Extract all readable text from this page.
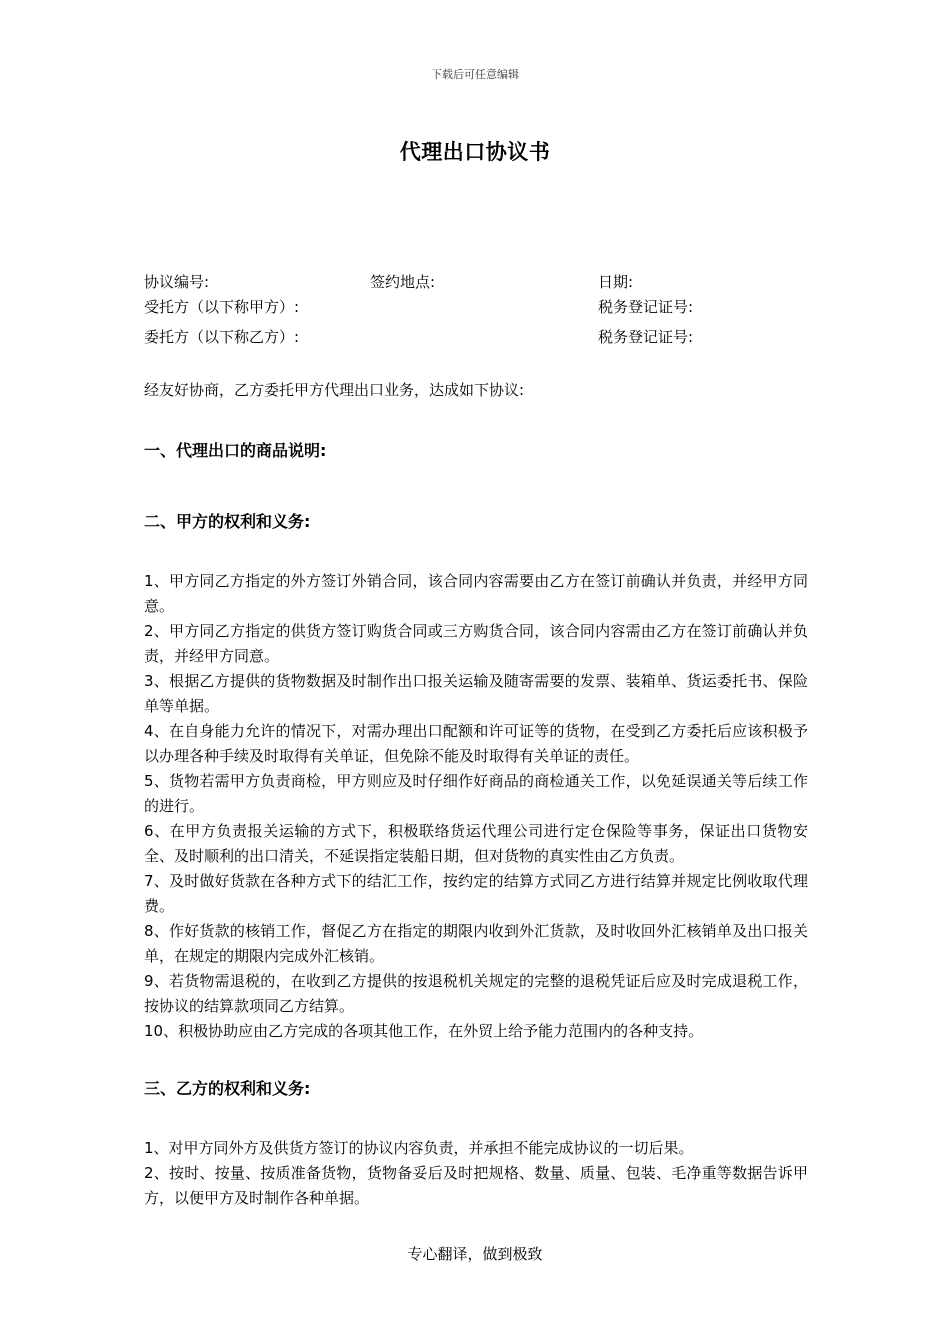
下载后可任意编辑
代理出口协议书
协议编号:	签约地点:	日期:
受托方（以下称甲方）:	税务登记证号:
委托方（以下称乙方）:	税务登记证号:
经友好协商，乙方委托甲方代理出口业务，达成如下协议:
一、代理出口的商品说明:
二、甲方的权利和义务:
1、甲方同乙方指定的外方签订外销合同，该合同内容需要由乙方在签订前确认并负责，并经甲方同意。
2、甲方同乙方指定的供货方签订购货合同或三方购货合同，该合同内容需由乙方在签订前确认并负责，并经甲方同意。
3、根据乙方提供的货物数据及时制作出口报关运输及随寄需要的发票、装箱单、货运委托书、保险单等单据。
4、在自身能力允许的情况下，对需办理出口配额和许可证等的货物，在受到乙方委托后应该积极予以办理各种手续及时取得有关单证，但免除不能及时取得有关单证的责任。
5、货物若需甲方负责商检，甲方则应及时仔细作好商品的商检通关工作，以免延误通关等后续工作的进行。
6、在甲方负责报关运输的方式下，积极联络货运代理公司进行定仓保险等事务，保证出口货物安全、及时顺利的出口清关，不延误指定装船日期，但对货物的真实性由乙方负责。
7、及时做好货款在各种方式下的结汇工作，按约定的结算方式同乙方进行结算并规定比例收取代理费。
8、作好货款的核销工作，督促乙方在指定的期限内收到外汇货款，及时收回外汇核销单及出口报关单，在规定的期限内完成外汇核销。
9、若货物需退税的，在收到乙方提供的按退税机关规定的完整的退税凭证后应及时完成退税工作，按协议的结算款项同乙方结算。
10、积极协助应由乙方完成的各项其他工作，在外贸上给予能力范围内的各种支持。
三、乙方的权利和义务:
1、对甲方同外方及供货方签订的协议内容负责，并承担不能完成协议的一切后果。
2、按时、按量、按质准备货物，货物备妥后及时把规格、数量、质量、包装、毛净重等数据告诉甲方，以便甲方及时制作各种单据。
专心翻译，做到极致
